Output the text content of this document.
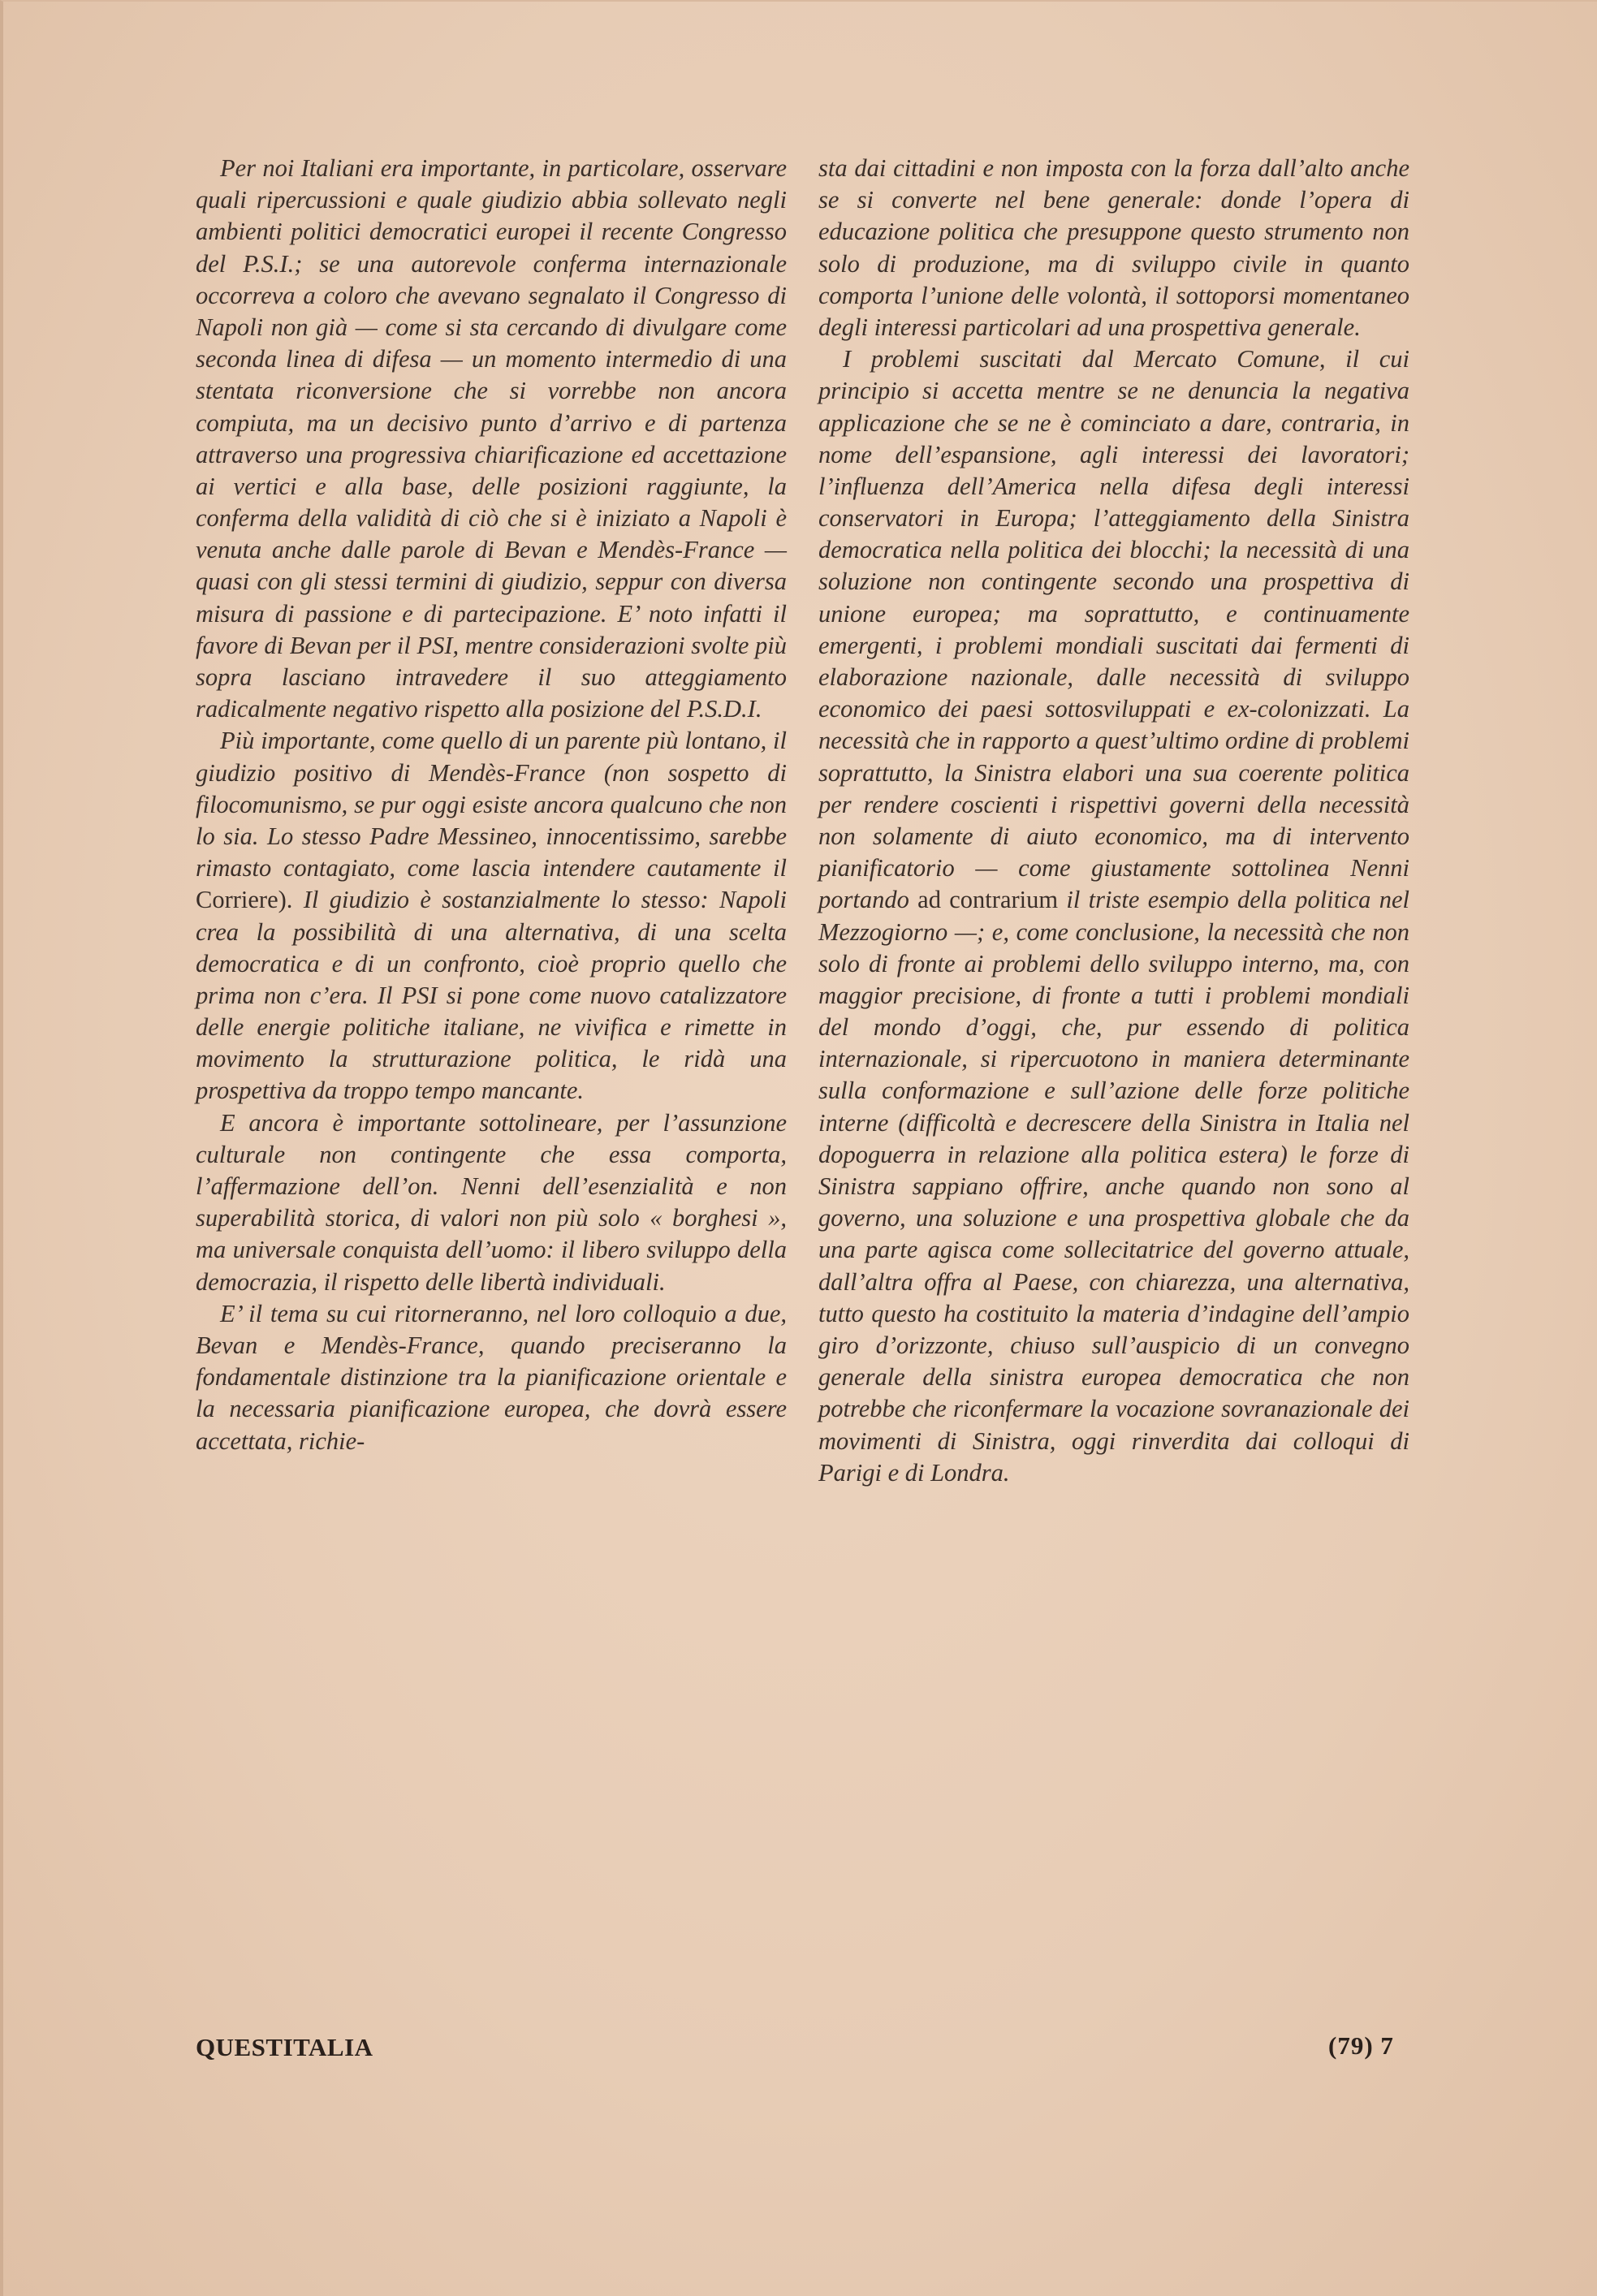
Per noi Italiani era importante, in particolare, osservare quali ripercussioni e quale giudizio abbia sollevato negli ambienti politici democratici europei il recente Congresso del P.S.I.; se una autorevole conferma internazionale occorreva a coloro che avevano segnalato il Congresso di Napoli non già — come si sta cercando di divulgare come seconda linea di difesa — un momento intermedio di una stentata riconversione che si vorrebbe non ancora compiuta, ma un decisivo punto d’arrivo e di partenza attraverso una progressiva chiarificazione ed accettazione ai vertici e alla base, delle posizioni raggiunte, la conferma della validità di ciò che si è iniziato a Napoli è venuta anche dalle parole di Bevan e Mendès-France — quasi con gli stessi termini di giudizio, seppur con diversa misura di passione e di partecipazione. E’ noto infatti il favore di Bevan per il PSI, mentre considerazioni svolte più sopra lasciano intravedere il suo atteggiamento radicalmente negativo rispetto alla posizione del P.S.D.I.

Più importante, come quello di un parente più lontano, il giudizio positivo di Mendès-France (non sospetto di filocomunismo, se pur oggi esiste ancora qualcuno che non lo sia. Lo stesso Padre Messineo, innocentissimo, sarebbe rimasto contagiato, come lascia intendere cautamente il Corriere). Il giudizio è sostanzialmente lo stesso: Napoli crea la possibilità di una alternativa, di una scelta democratica e di un confronto, cioè proprio quello che prima non c’era. Il PSI si pone come nuovo catalizzatore delle energie politiche italiane, ne vivifica e rimette in movimento la strutturazione politica, le ridà una prospettiva da troppo tempo mancante.

E ancora è importante sottolineare, per l’assunzione culturale non contingente che essa comporta, l’affermazione dell’on. Nenni dell’esenzialità e non superabilità storica, di valori non più solo « borghesi », ma universale conquista dell’uomo: il libero sviluppo della democrazia, il rispetto delle libertà individuali.

E’ il tema su cui ritorneranno, nel loro colloquio a due, Bevan e Mendès-France, quando preciseranno la fondamentale distinzione tra la pianificazione orientale e la necessaria pianificazione europea, che dovrà essere accettata, richie-

sta dai cittadini e non imposta con la forza dall’alto anche se si converte nel bene generale: donde l’opera di educazione politica che presuppone questo strumento non solo di produzione, ma di sviluppo civile in quanto comporta l’unione delle volontà, il sottoporsi momentaneo degli interessi particolari ad una prospettiva generale.

I problemi suscitati dal Mercato Comune, il cui principio si accetta mentre se ne denuncia la negativa applicazione che se ne è cominciato a dare, contraria, in nome dell’espansione, agli interessi dei lavoratori; l’influenza dell’America nella difesa degli interessi conservatori in Europa; l’atteggiamento della Sinistra democratica nella politica dei blocchi; la necessità di una soluzione non contingente secondo una prospettiva di unione europea; ma soprattutto, e continuamente emergenti, i problemi mondiali suscitati dai fermenti di elaborazione nazionale, dalle necessità di sviluppo economico dei paesi sottosviluppati e ex-colonizzati. La necessità che in rapporto a quest’ultimo ordine di problemi soprattutto, la Sinistra elabori una sua coerente politica per rendere coscienti i rispettivi governi della necessità non solamente di aiuto economico, ma di intervento pianificatorio — come giustamente sottolinea Nenni portando ad contrarium il triste esempio della politica nel Mezzogiorno —; e, come conclusione, la necessità che non solo di fronte ai problemi dello sviluppo interno, ma, con maggior precisione, di fronte a tutti i problemi mondiali del mondo d’oggi, che, pur essendo di politica internazionale, si ripercuotono in maniera determinante sulla conformazione e sull’azione delle forze politiche interne (difficoltà e decrescere della Sinistra in Italia nel dopoguerra in relazione alla politica estera) le forze di Sinistra sappiano offrire, anche quando non sono al governo, una soluzione e una prospettiva globale che da una parte agisca come sollecitatrice del governo attuale, dall’altra offra al Paese, con chiarezza, una alternativa, tutto questo ha costituito la materia d’indagine dell’ampio giro d’orizzonte, chiuso sull’auspicio di un convegno generale della sinistra europea democratica che non potrebbe che riconfermare la vocazione sovranazionale dei movimenti di Sinistra, oggi rinverdita dai colloqui di Parigi e di Londra.

QUESTITALIA	(79) 7
